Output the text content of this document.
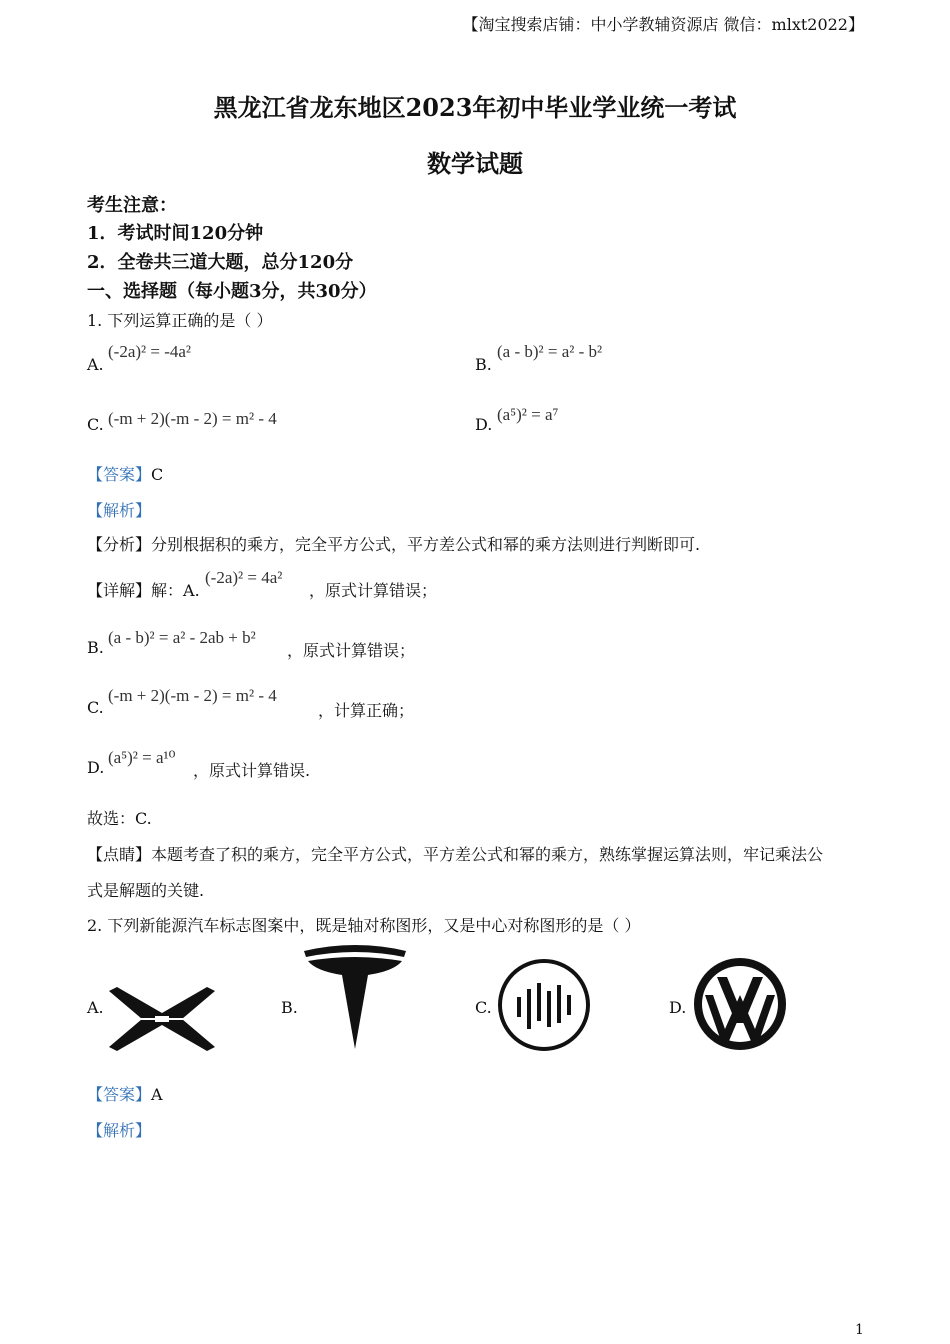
【淘宝搜索店铺：中小学教辅资源店 微信：mlxt2022】
黑龙江省龙东地区2023年初中毕业学业统一考试
数学试题
考生注意：
1．考试时间120分钟
2．全卷共三道大题，总分120分
一、选择题（每小题3分，共30分）
1. 下列运算正确的是（ ）
A.
(-2a)² = -4a²
B.
(a - b)² = a² - b²
C. (-m + 2)(-m - 2) = m² - 4	D.
(a⁵)² = a⁷
【答案】C
【解析】
【分析】分别根据积的乘方，完全平方公式，平方差公式和幂的乘方法则进行判断即可.
【详解】解：A.
(-2a)² = 4a²
，原式计算错误；
B.
(a - b)² = a² - 2ab + b²
，原式计算错误；
C.
(-m + 2)(-m - 2) = m² - 4
，计算正确；
D.
(a⁵)² = a¹⁰
，原式计算错误.
故选：C.
【点睛】本题考查了积的乘方，完全平方公式，平方差公式和幂的乘方，熟练掌握运算法则，牢记乘法公
式是解题的关键.
2. 下列新能源汽车标志图案中，既是轴对称图形，又是中心对称图形的是（ ）
A.	B.	C.	D.
【答案】A
【解析】
1
